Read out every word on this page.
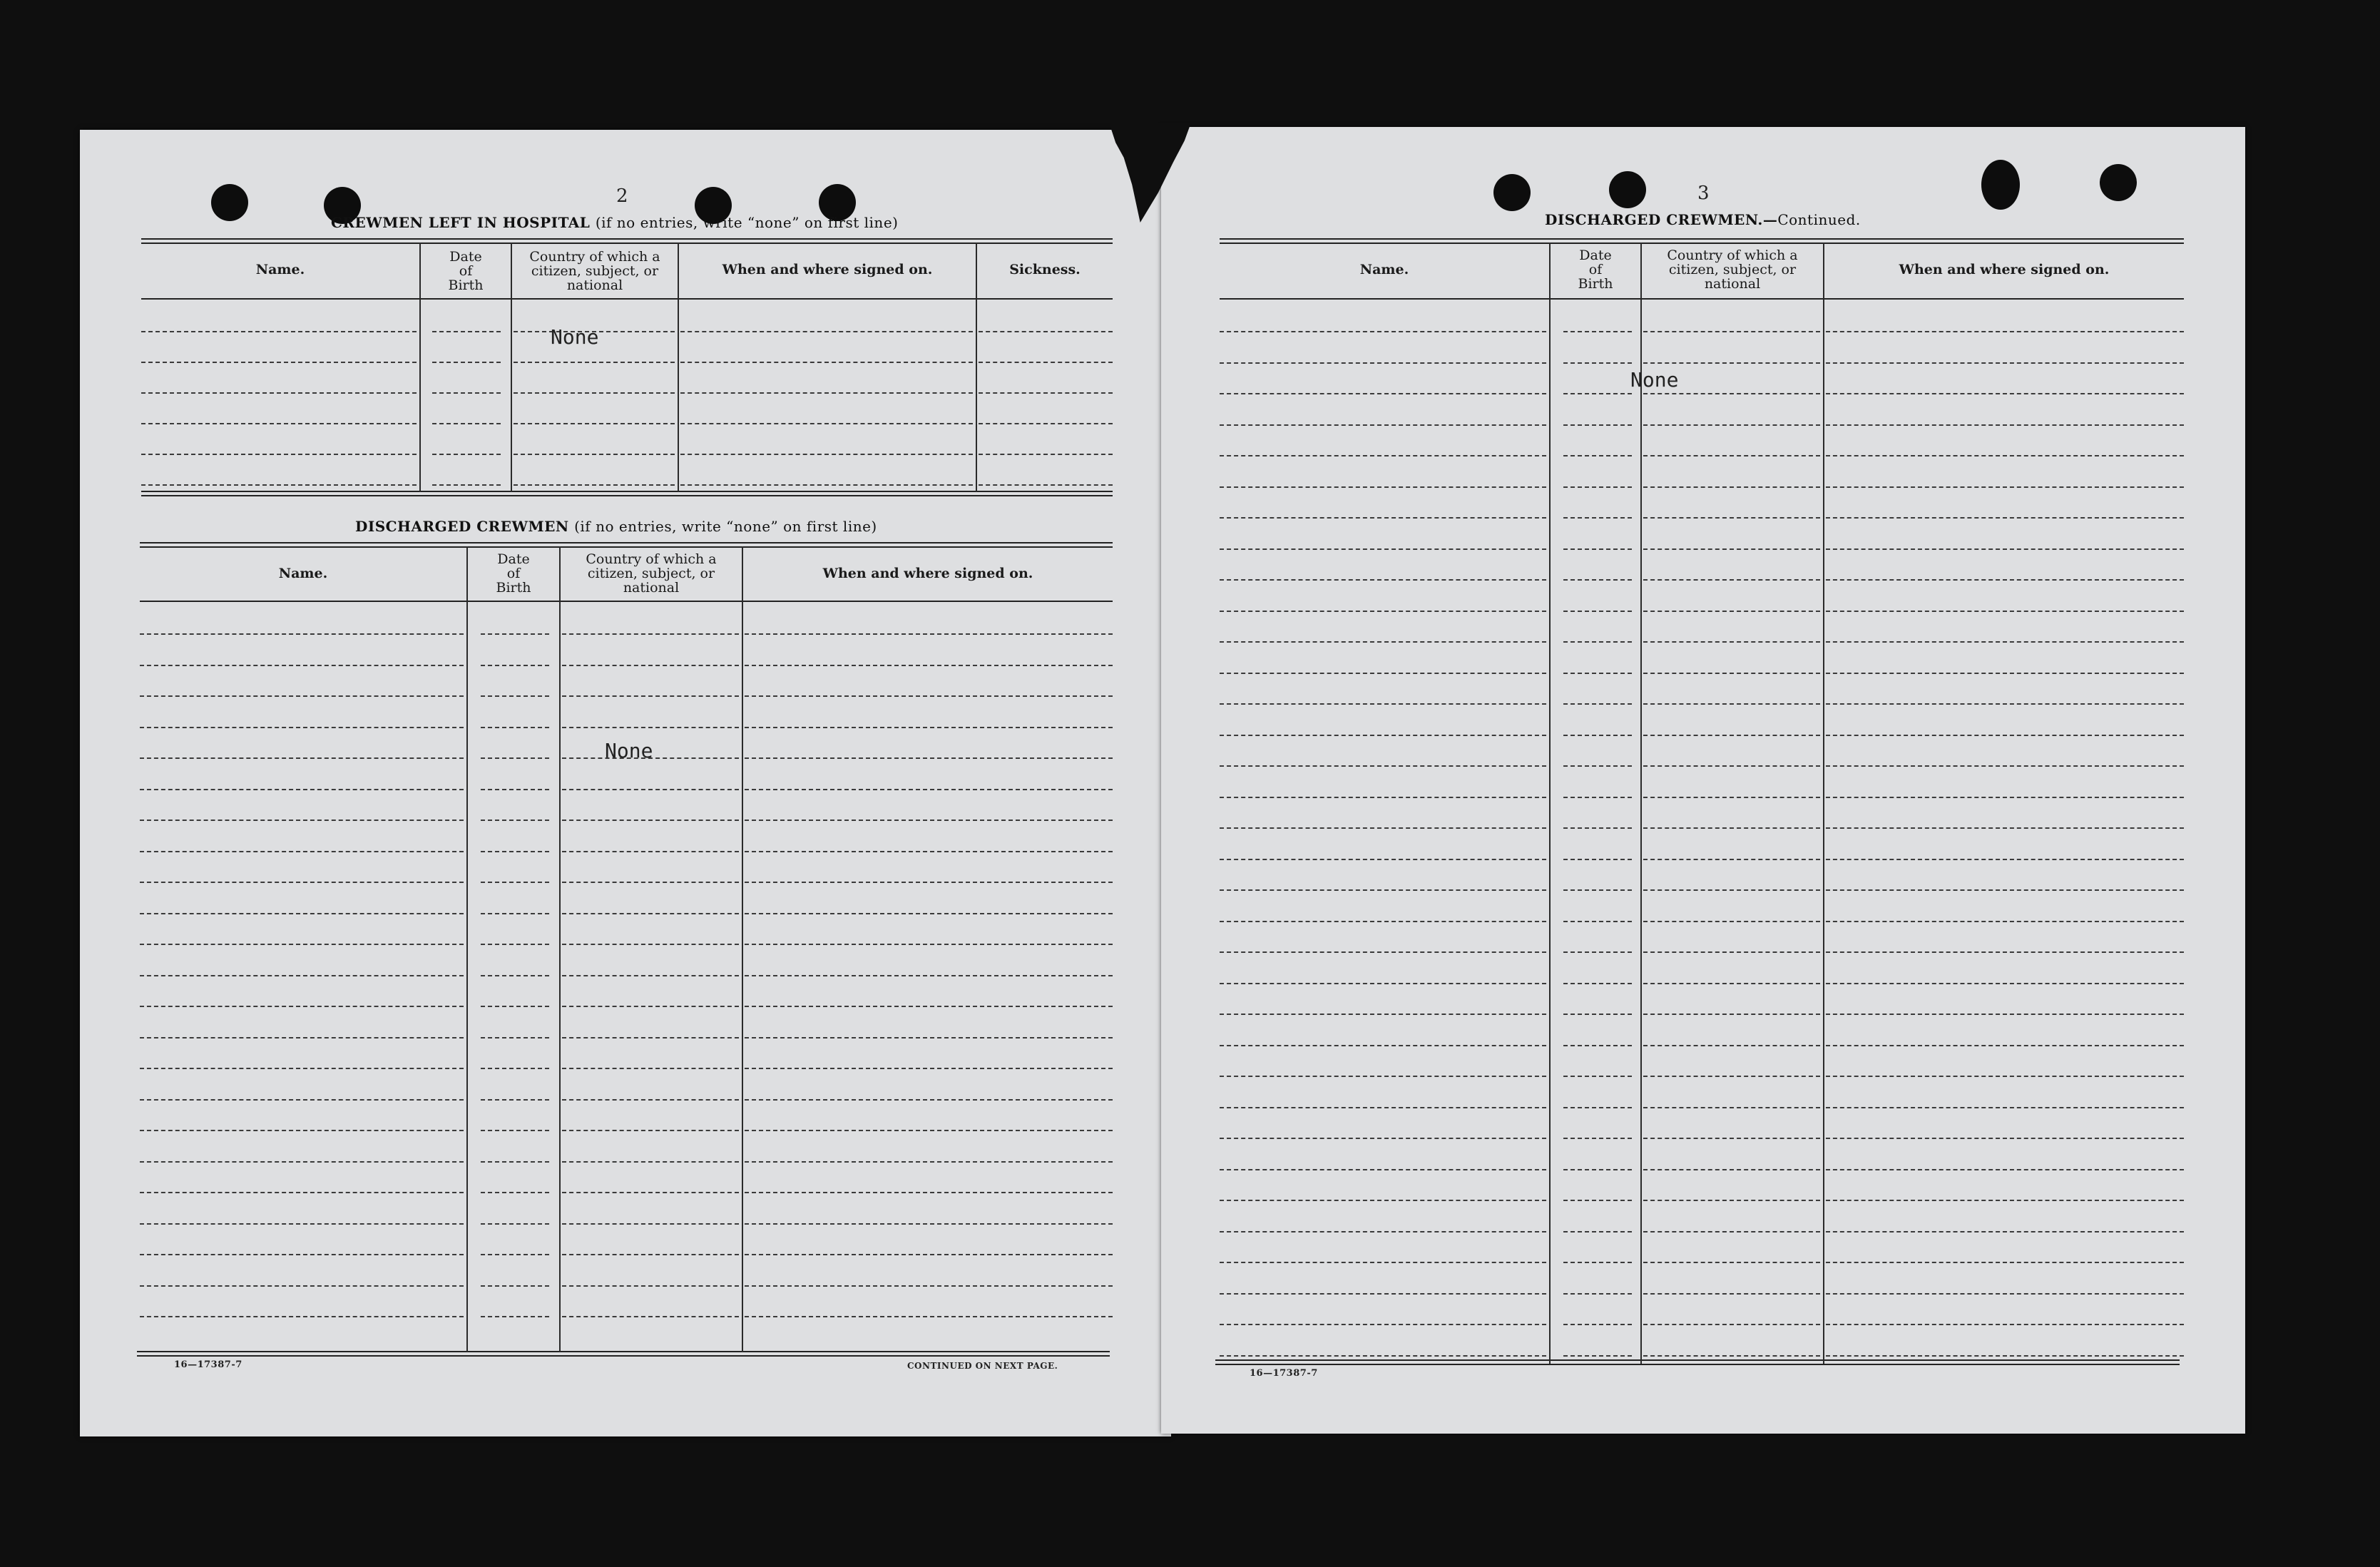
2
CREWMEN LEFT IN HOSPITAL (if no entries, write “none” on first line)
Name.
Date
of
Birth
Country of which a
citizen, subject, or
national
When and where signed on.	Sickness.
None
DISCHARGED CREWMEN (if no entries, write “none” on first line)
Name.
Date
of
Birth
Country of which a
citizen, subject, or
national
When and where signed on.
None
16—17387-7	CONTINUED ON NEXT PAGE.
3
DISCHARGED CREWMEN.—Continued.
Name.
Date
of
Birth
Country of which a
citizen, subject, or
national
When and where signed on.
None
16—17387-7
